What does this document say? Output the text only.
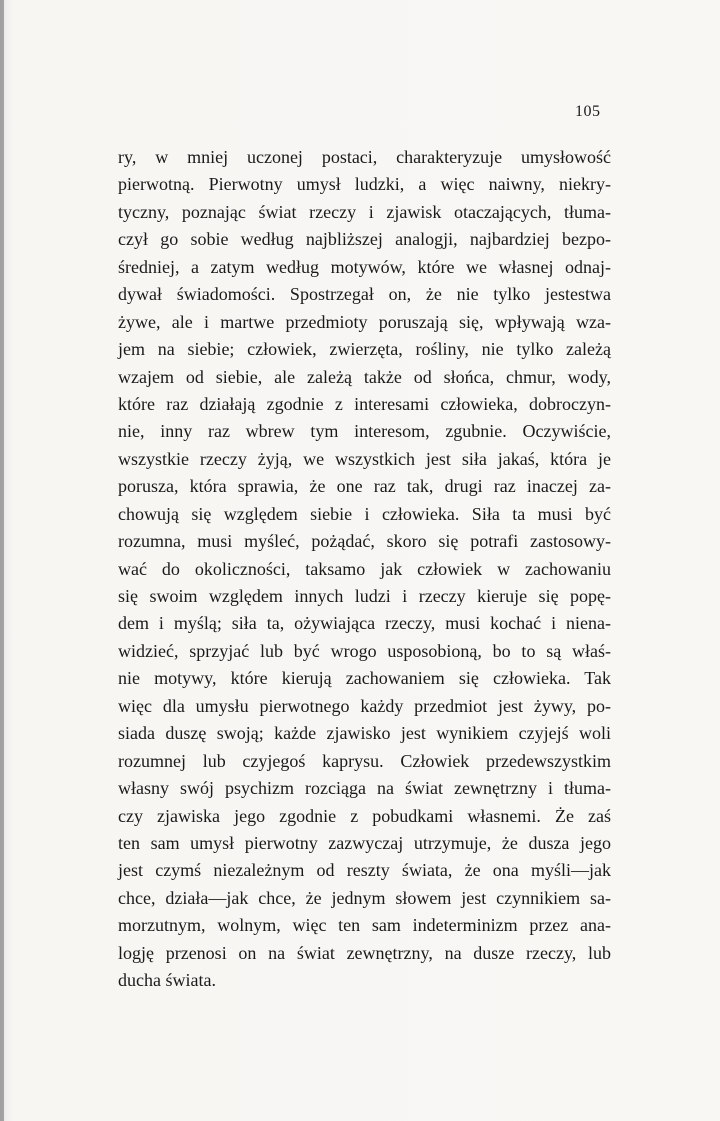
105
ry, w mniej uczonej postaci, charakteryzuje umysłowość
pierwotną. Pierwotny umysł ludzki, a więc naiwny, niekry-
tyczny, poznając świat rzeczy i zjawisk otaczających, tłuma-
czył go sobie według najbliższej analogji, najbardziej bezpo-
średniej, a zatym według motywów, które we własnej odnaj-
dywał świadomości. Spostrzegał on, że nie tylko jestestwa
żywe, ale i martwe przedmioty poruszają się, wpływają wza-
jem na siebie; człowiek, zwierzęta, rośliny, nie tylko zależą
wzajem od siebie, ale zależą także od słońca, chmur, wody,
które raz działają zgodnie z interesami człowieka, dobroczyn-
nie, inny raz wbrew tym interesom, zgubnie. Oczywiście,
wszystkie rzeczy żyją, we wszystkich jest siła jakaś, która je
porusza, która sprawia, że one raz tak, drugi raz inaczej za-
chowują się względem siebie i człowieka. Siła ta musi być
rozumna, musi myśleć, pożądać, skoro się potrafi zastosowy-
wać do okoliczności, taksamo jak człowiek w zachowaniu
się swoim względem innych ludzi i rzeczy kieruje się popę-
dem i myślą; siła ta, ożywiająca rzeczy, musi kochać i niena-
widzieć, sprzyjać lub być wrogo usposobioną, bo to są właś-
nie motywy, które kierują zachowaniem się człowieka. Tak
więc dla umysłu pierwotnego każdy przedmiot jest żywy, po-
siada duszę swoją; każde zjawisko jest wynikiem czyjejś woli
rozumnej lub czyjegoś kaprysu. Człowiek przedewszystkim
własny swój psychizm rozciąga na świat zewnętrzny i tłuma-
czy zjawiska jego zgodnie z pobudkami własnemi. Że zaś
ten sam umysł pierwotny zazwyczaj utrzymuje, że dusza jego
jest czymś niezależnym od reszty świata, że ona myśli—jak
chce, działa—jak chce, że jednym słowem jest czynnikiem sa-
morzutnym, wolnym, więc ten sam indeterminizm przez ana-
logję przenosi on na świat zewnętrzny, na dusze rzeczy, lub
ducha świata.
